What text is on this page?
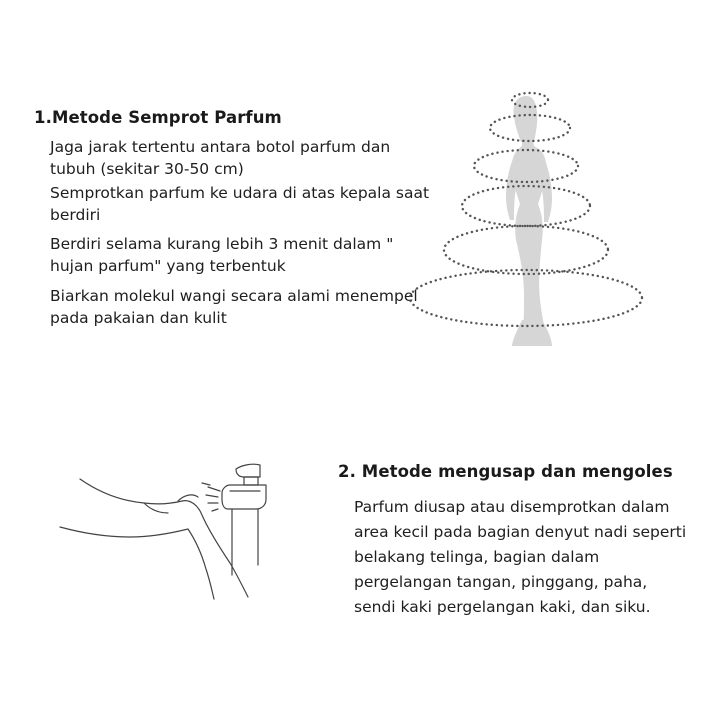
1.Metode Semprot Parfum

Jaga jarak tertentu antara botol parfum dan tubuh (sekitar 30-50 cm)

Semprotkan parfum ke udara di atas kepala saat berdiri

Berdiri selama kurang lebih 3 menit dalam " hujan parfum" yang terbentuk

Biarkan molekul wangi secara alami menempel pada pakaian dan kulit

2. Metode mengusap dan mengoles
Parfum diusap atau disemprotkan dalam
area kecil pada bagian denyut nadi seperti
belakang telinga, bagian dalam
pergelangan tangan, pinggang, paha,
sendi kaki pergelangan kaki, dan siku.
